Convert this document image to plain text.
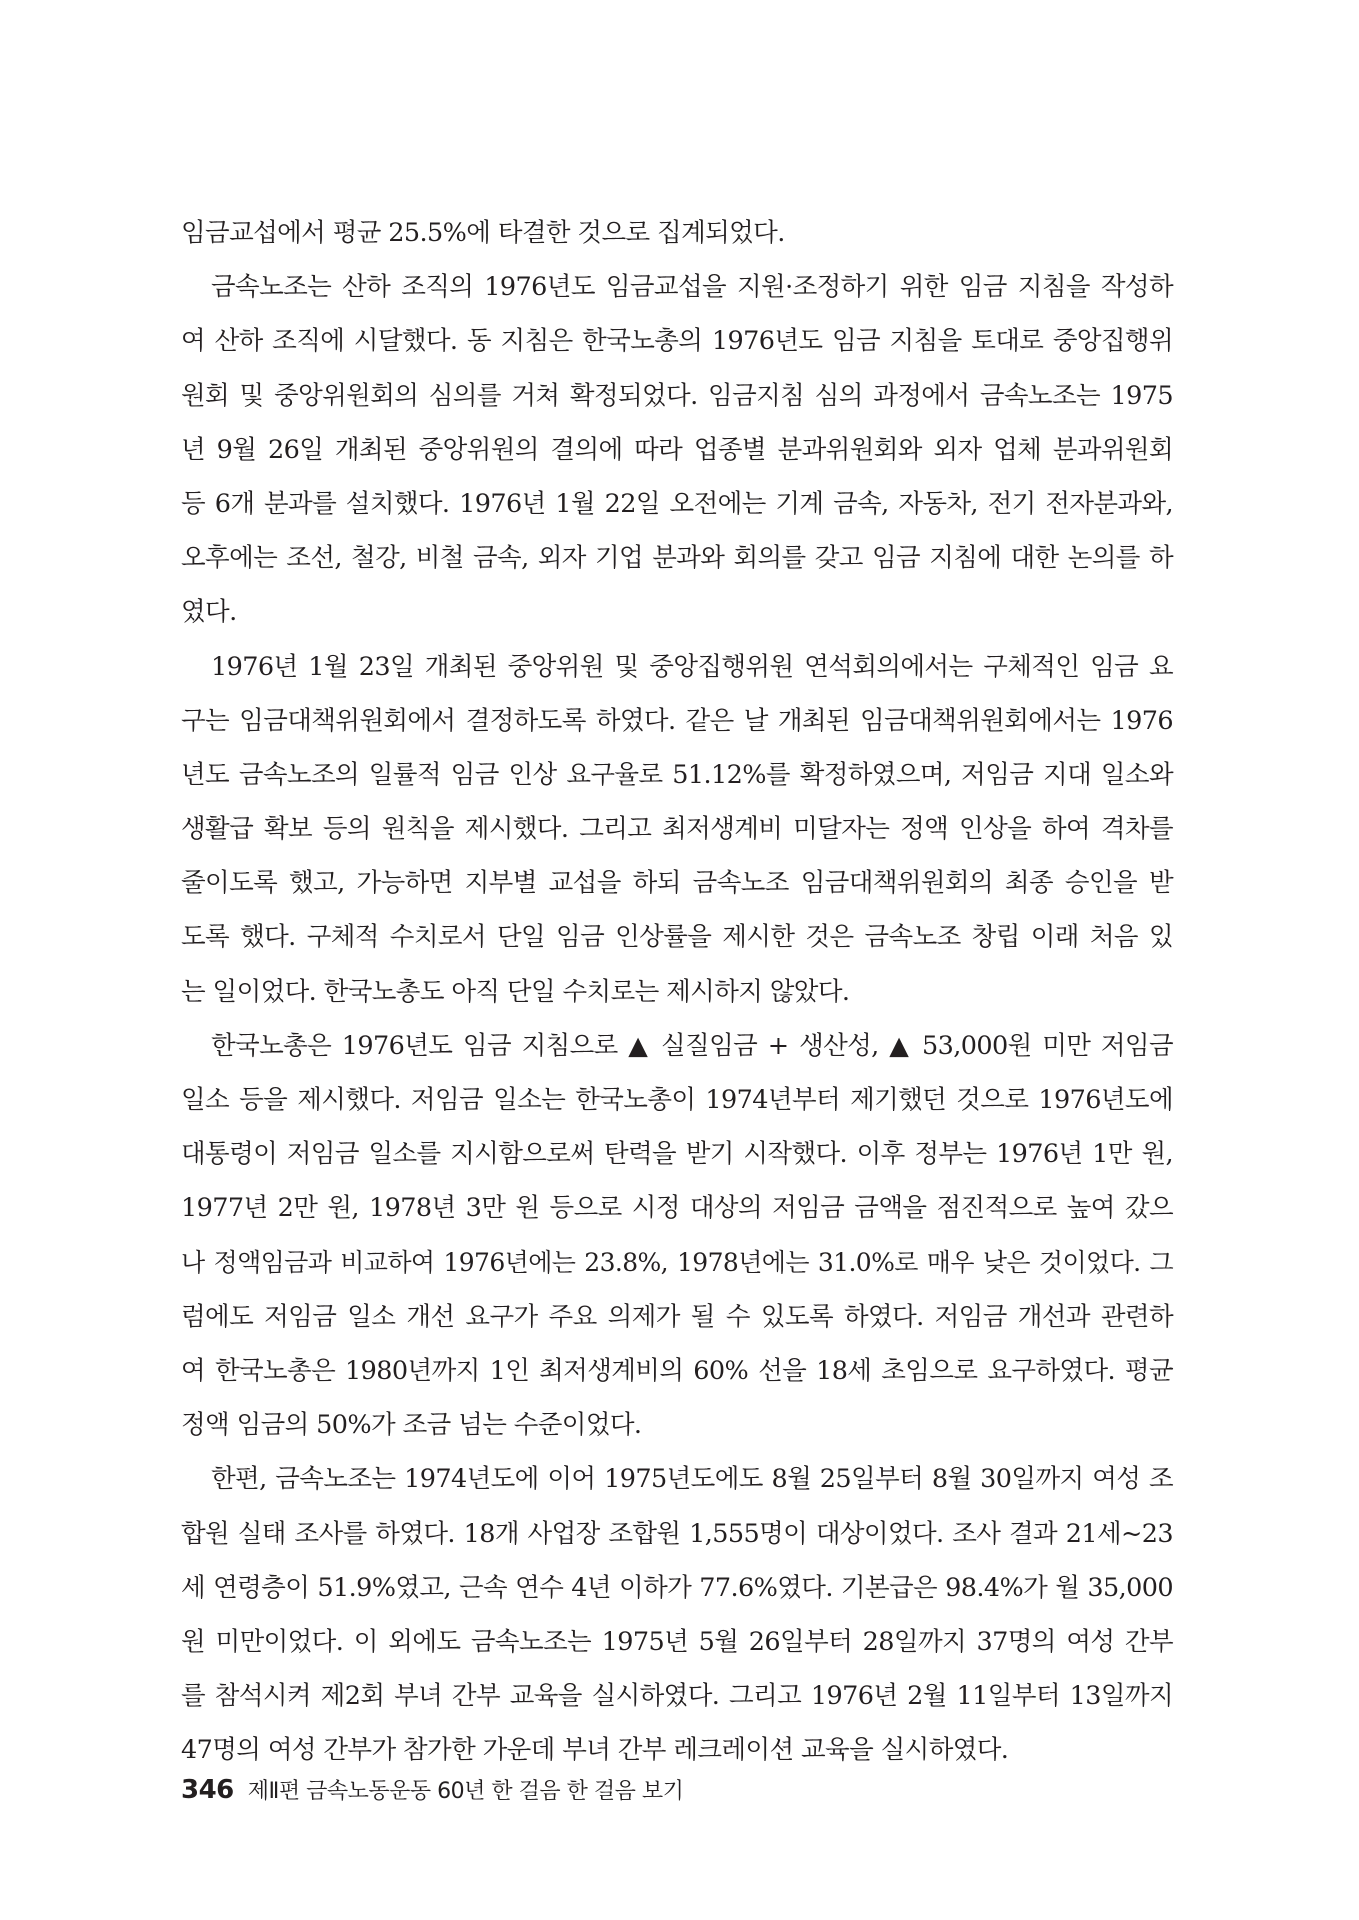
임금교섭에서 평균 25.5%에 타결한 것으로 집계되었다.
금속노조는 산하 조직의 1976년도 임금교섭을 지원·조정하기 위한 임금 지침을 작성하
여 산하 조직에 시달했다. 동 지침은 한국노총의 1976년도 임금 지침을 토대로 중앙집행위
원회 및 중앙위원회의 심의를 거쳐 확정되었다. 임금지침 심의 과정에서 금속노조는 1975
년 9월 26일 개최된 중앙위원의 결의에 따라 업종별 분과위원회와 외자 업체 분과위원회
등 6개 분과를 설치했다. 1976년 1월 22일 오전에는 기계 금속, 자동차, 전기 전자분과와,
오후에는 조선, 철강, 비철 금속, 외자 기업 분과와 회의를 갖고 임금 지침에 대한 논의를 하
였다.
1976년 1월 23일 개최된 중앙위원 및 중앙집행위원 연석회의에서는 구체적인 임금 요
구는 임금대책위원회에서 결정하도록 하였다. 같은 날 개최된 임금대책위원회에서는 1976
년도 금속노조의 일률적 임금 인상 요구율로 51.12%를 확정하였으며, 저임금 지대 일소와
생활급 확보 등의 원칙을 제시했다. 그리고 최저생계비 미달자는 정액 인상을 하여 격차를
줄이도록 했고, 가능하면 지부별 교섭을 하되 금속노조 임금대책위원회의 최종 승인을 받
도록 했다. 구체적 수치로서 단일 임금 인상률을 제시한 것은 금속노조 창립 이래 처음 있
는 일이었다. 한국노총도 아직 단일 수치로는 제시하지 않았다.
한국노총은 1976년도 임금 지침으로 ▲ 실질임금 + 생산성, ▲ 53,000원 미만 저임금
일소 등을 제시했다. 저임금 일소는 한국노총이 1974년부터 제기했던 것으로 1976년도에
대통령이 저임금 일소를 지시함으로써 탄력을 받기 시작했다. 이후 정부는 1976년 1만 원,
1977년 2만 원, 1978년 3만 원 등으로 시정 대상의 저임금 금액을 점진적으로 높여 갔으
나 정액임금과 비교하여 1976년에는 23.8%, 1978년에는 31.0%로 매우 낮은 것이었다. 그
럼에도 저임금 일소 개선 요구가 주요 의제가 될 수 있도록 하였다. 저임금 개선과 관련하
여 한국노총은 1980년까지 1인 최저생계비의 60% 선을 18세 초임으로 요구하였다. 평균
정액 임금의 50%가 조금 넘는 수준이었다.
한편, 금속노조는 1974년도에 이어 1975년도에도 8월 25일부터 8월 30일까지 여성 조
합원 실태 조사를 하였다. 18개 사업장 조합원 1,555명이 대상이었다. 조사 결과 21세~23
세 연령층이 51.9%였고, 근속 연수 4년 이하가 77.6%였다. 기본급은 98.4%가 월 35,000
원 미만이었다. 이 외에도 금속노조는 1975년 5월 26일부터 28일까지 37명의 여성 간부
를 참석시켜 제2회 부녀 간부 교육을 실시하였다. 그리고 1976년 2월 11일부터 13일까지
47명의 여성 간부가 참가한 가운데 부녀 간부 레크레이션 교육을 실시하였다.
346 제Ⅱ편 금속노동운동 60년 한 걸음 한 걸음 보기
